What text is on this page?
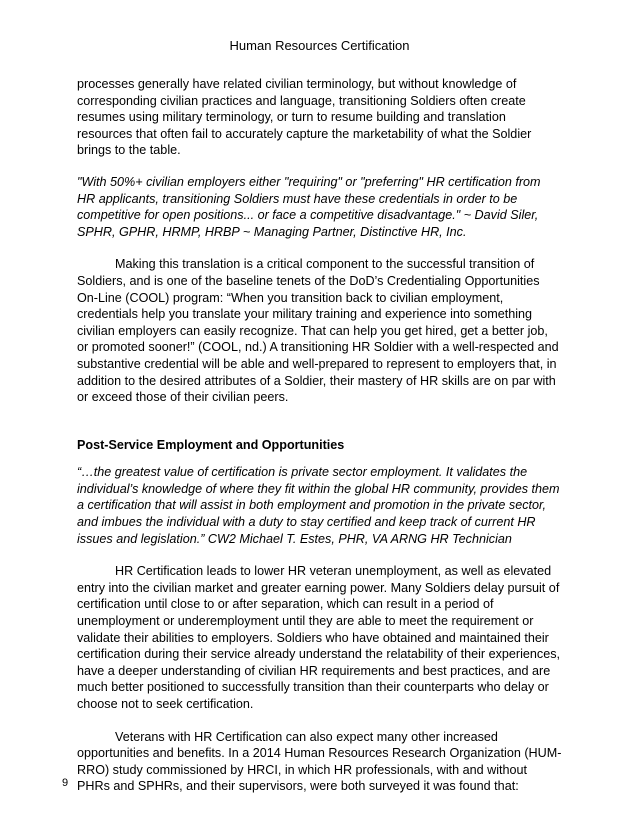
Human Resources Certification

processes generally have related civilian terminology, but without knowledge of corresponding civilian practices and language, transitioning Soldiers often create resumes using military terminology, or turn to resume building and translation resources that often fail to accurately capture the marketability of what the Soldier brings to the table.

"With 50%+ civilian employers either "requiring" or "preferring" HR certification from HR applicants, transitioning Soldiers must have these credentials in order to be competitive for open positions... or face a competitive disadvantage." ~ David Siler, SPHR, GPHR, HRMP, HRBP ~ Managing Partner, Distinctive HR, Inc.

Making this translation is a critical component to the successful transition of Soldiers, and is one of the baseline tenets of the DoD’s Credentialing Opportunities On-Line (COOL) program: “When you transition back to civilian employment, credentials help you translate your military training and experience into something civilian employers can easily recognize. That can help you get hired, get a better job, or promoted sooner!” (COOL, nd.) A transitioning HR Soldier with a well-respected and substantive credential will be able and well-prepared to represent to employers that, in addition to the desired attributes of a Soldier, their mastery of HR skills are on par with or exceed those of their civilian peers.

Post-Service Employment and Opportunities

“…the greatest value of certification is private sector employment. It validates the individual’s knowledge of where they fit within the global HR community, provides them a certification that will assist in both employment and promotion in the private sector, and imbues the individual with a duty to stay certified and keep track of current HR issues and legislation.” CW2 Michael T. Estes, PHR, VA ARNG HR Technician

HR Certification leads to lower HR veteran unemployment, as well as elevated entry into the civilian market and greater earning power. Many Soldiers delay pursuit of certification until close to or after separation, which can result in a period of unemployment or underemployment until they are able to meet the requirement or validate their abilities to employers. Soldiers who have obtained and maintained their certification during their service already understand the relatability of their experiences, have a deeper understanding of civilian HR requirements and best practices, and are much better positioned to successfully transition than their counterparts who delay or choose not to seek certification.

Veterans with HR Certification can also expect many other increased opportunities and benefits. In a 2014 Human Resources Research Organization (HUM-RRO) study commissioned by HRCI, in which HR professionals, with and without PHRs and SPHRs, and their supervisors, were both surveyed it was found that:

9
